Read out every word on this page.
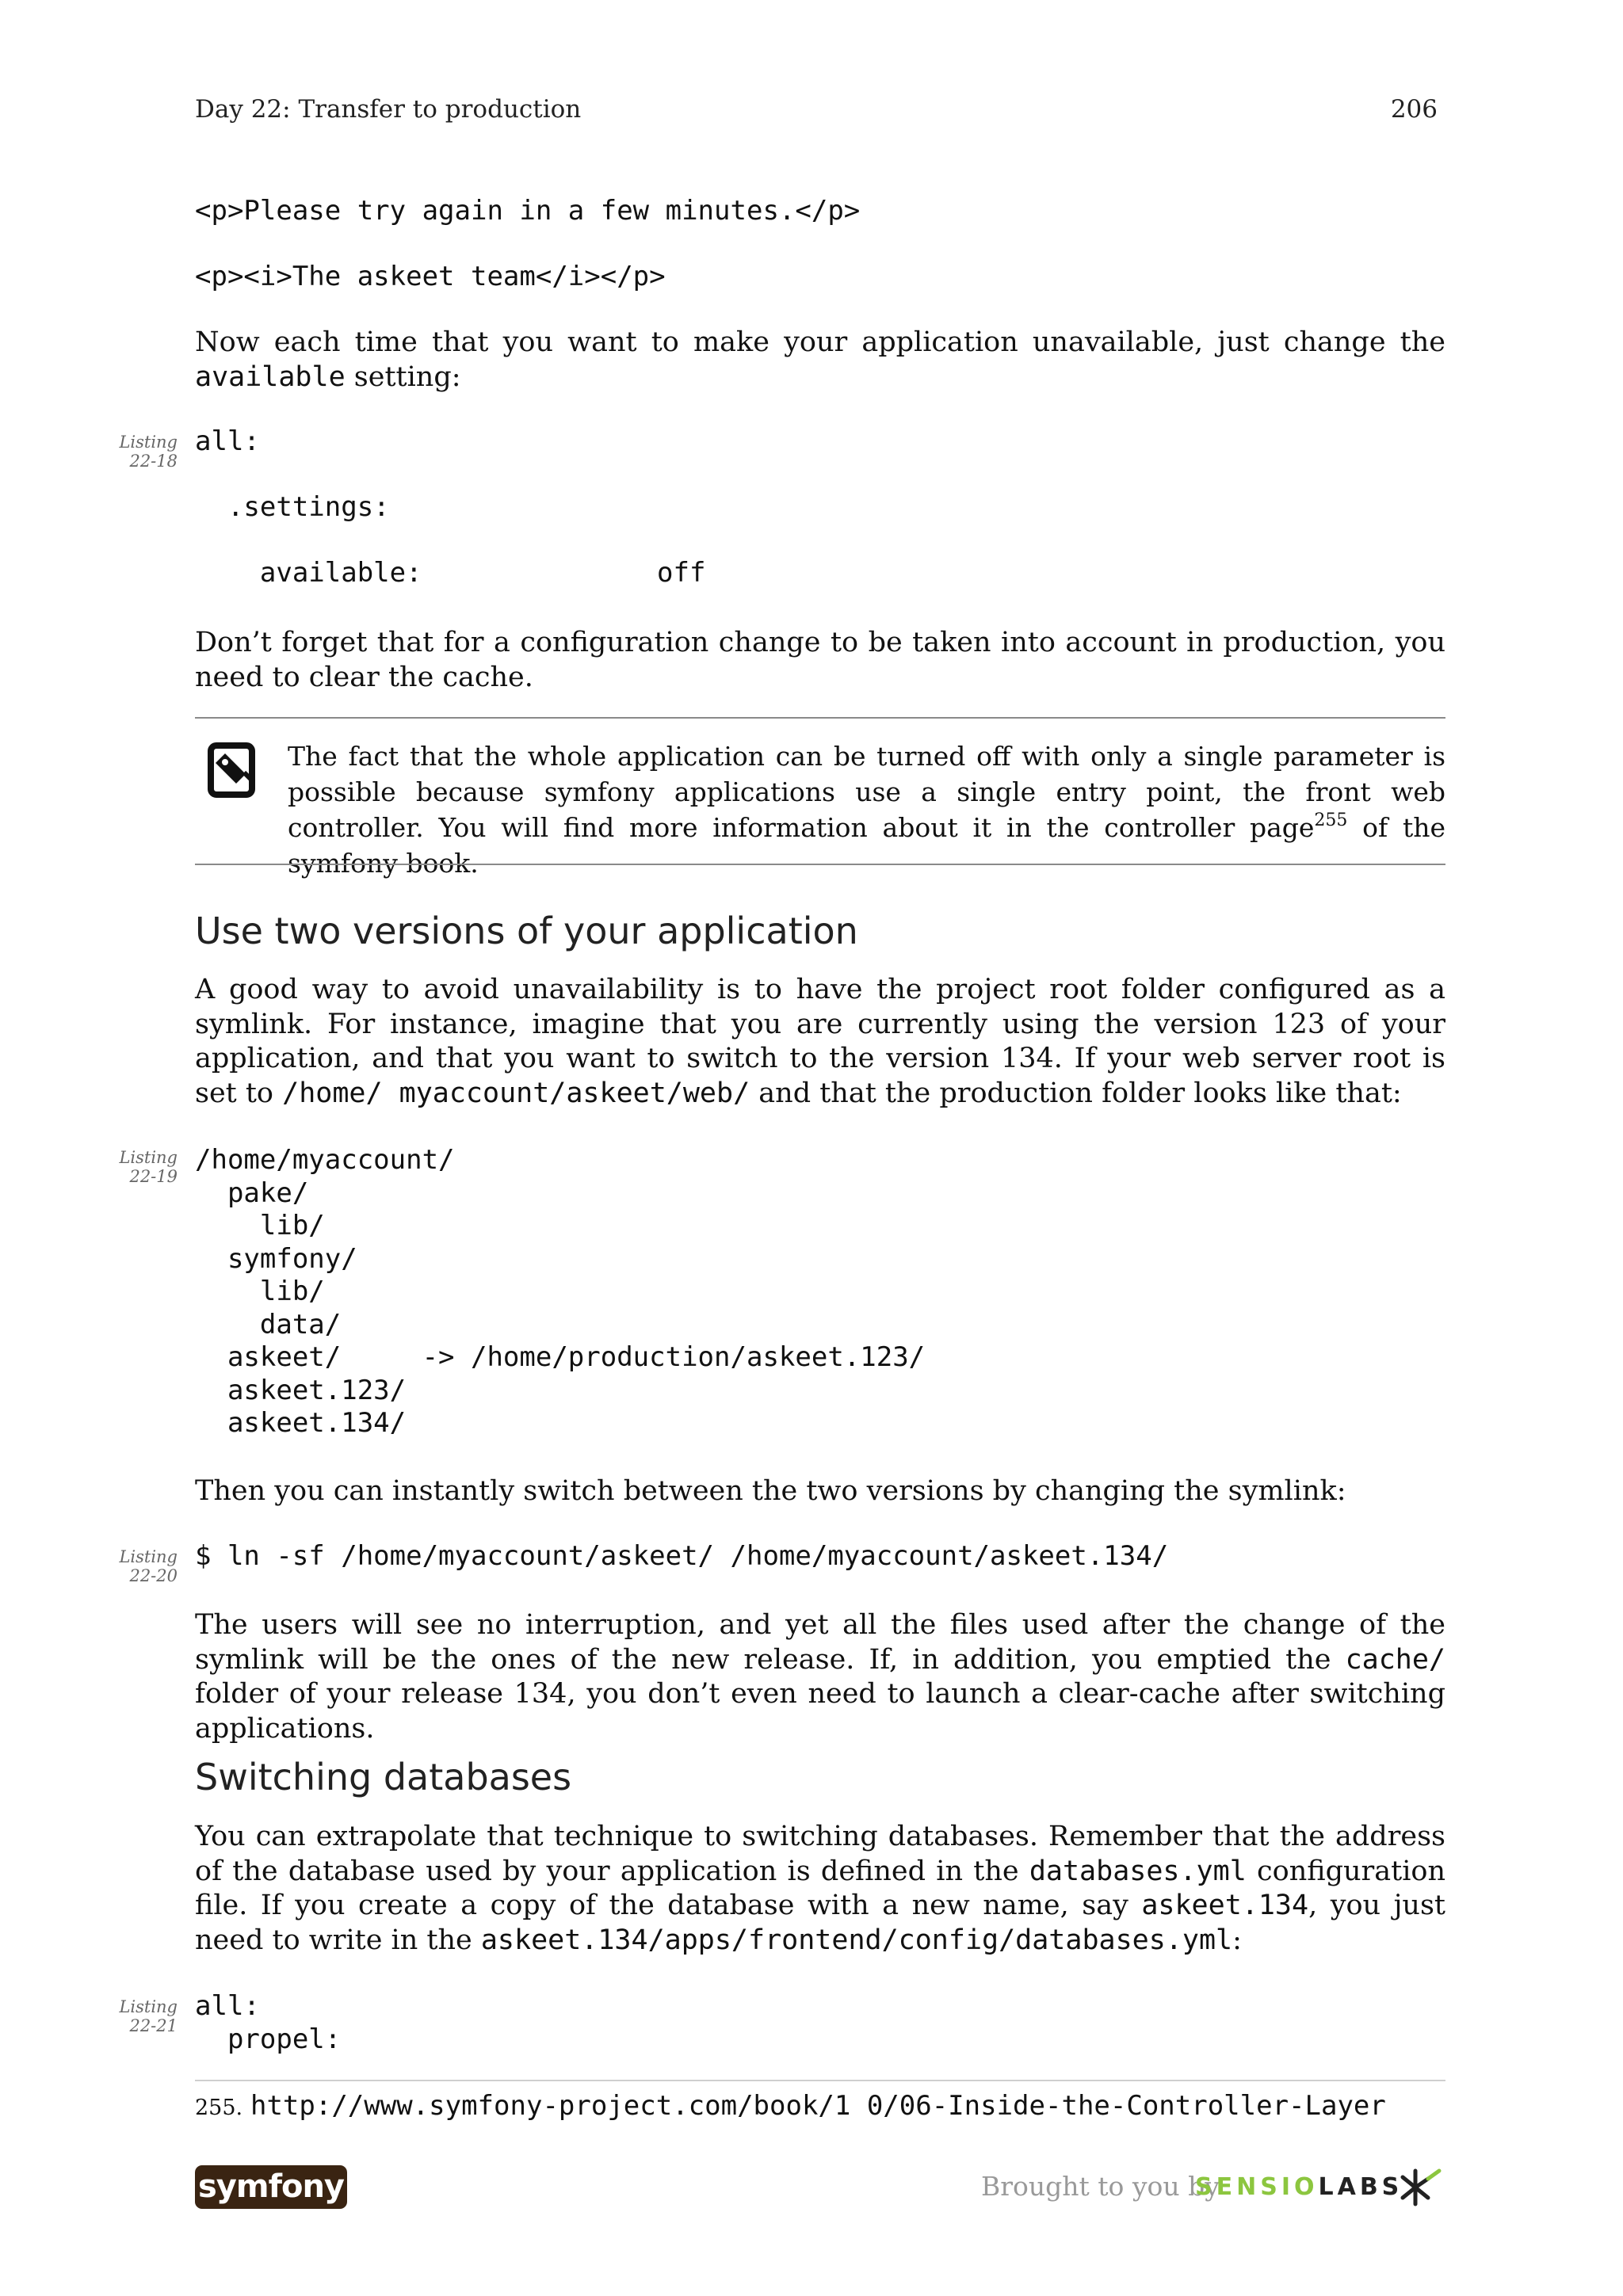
Day 22: Transfer to production	206
<p>Please try again in a few minutes.</p>
<p><i>The askeet team</i></p>
Now each time that you want to make your application unavailable, just change the available setting:
Listing
22-18
all:
.settings:
available:	off
Don’t forget that for a configuration change to be taken into account in production, you need to clear the cache.
The fact that the whole application can be turned off with only a single parameter is possible because symfony applications use a single entry point, the front web controller. You will find more information about it in the controller page$^{255}$ of the symfony book.
Use two versions of your application
A good way to avoid unavailability is to have the project root folder configured as a symlink. For instance, imagine that you are currently using the version 123 of your application, and that you want to switch to the version 134. If your web server root is set to /home/ myaccount/askeet/web/ and that the production folder looks like that:
Listing
22-19
/home/myaccount/
pake/
lib/
symfony/
lib/
data/
askeet/     -> /home/production/askeet.123/
askeet.123/
askeet.134/
Then you can instantly switch between the two versions by changing the symlink:
Listing
22-20
$ ln -sf /home/myaccount/askeet/ /home/myaccount/askeet.134/
The users will see no interruption, and yet all the files used after the change of the symlink will be the ones of the new release. If, in addition, you emptied the cache/ folder of your release 134, you don’t even need to launch a clear-cache after switching applications.
Switching databases
You can extrapolate that technique to switching databases. Remember that the address of the database used by your application is defined in the databases.yml configuration file. If you create a copy of the database with a new name, say askeet.134, you just need to write in the askeet.134/apps/frontend/config/databases.yml:
Listing
22-21
all:
propel:
255. http://www.symfony-project.com/book/1 0/06-Inside-the-Controller-Layer
symfony	Brought to you by
SENSIOLABS
